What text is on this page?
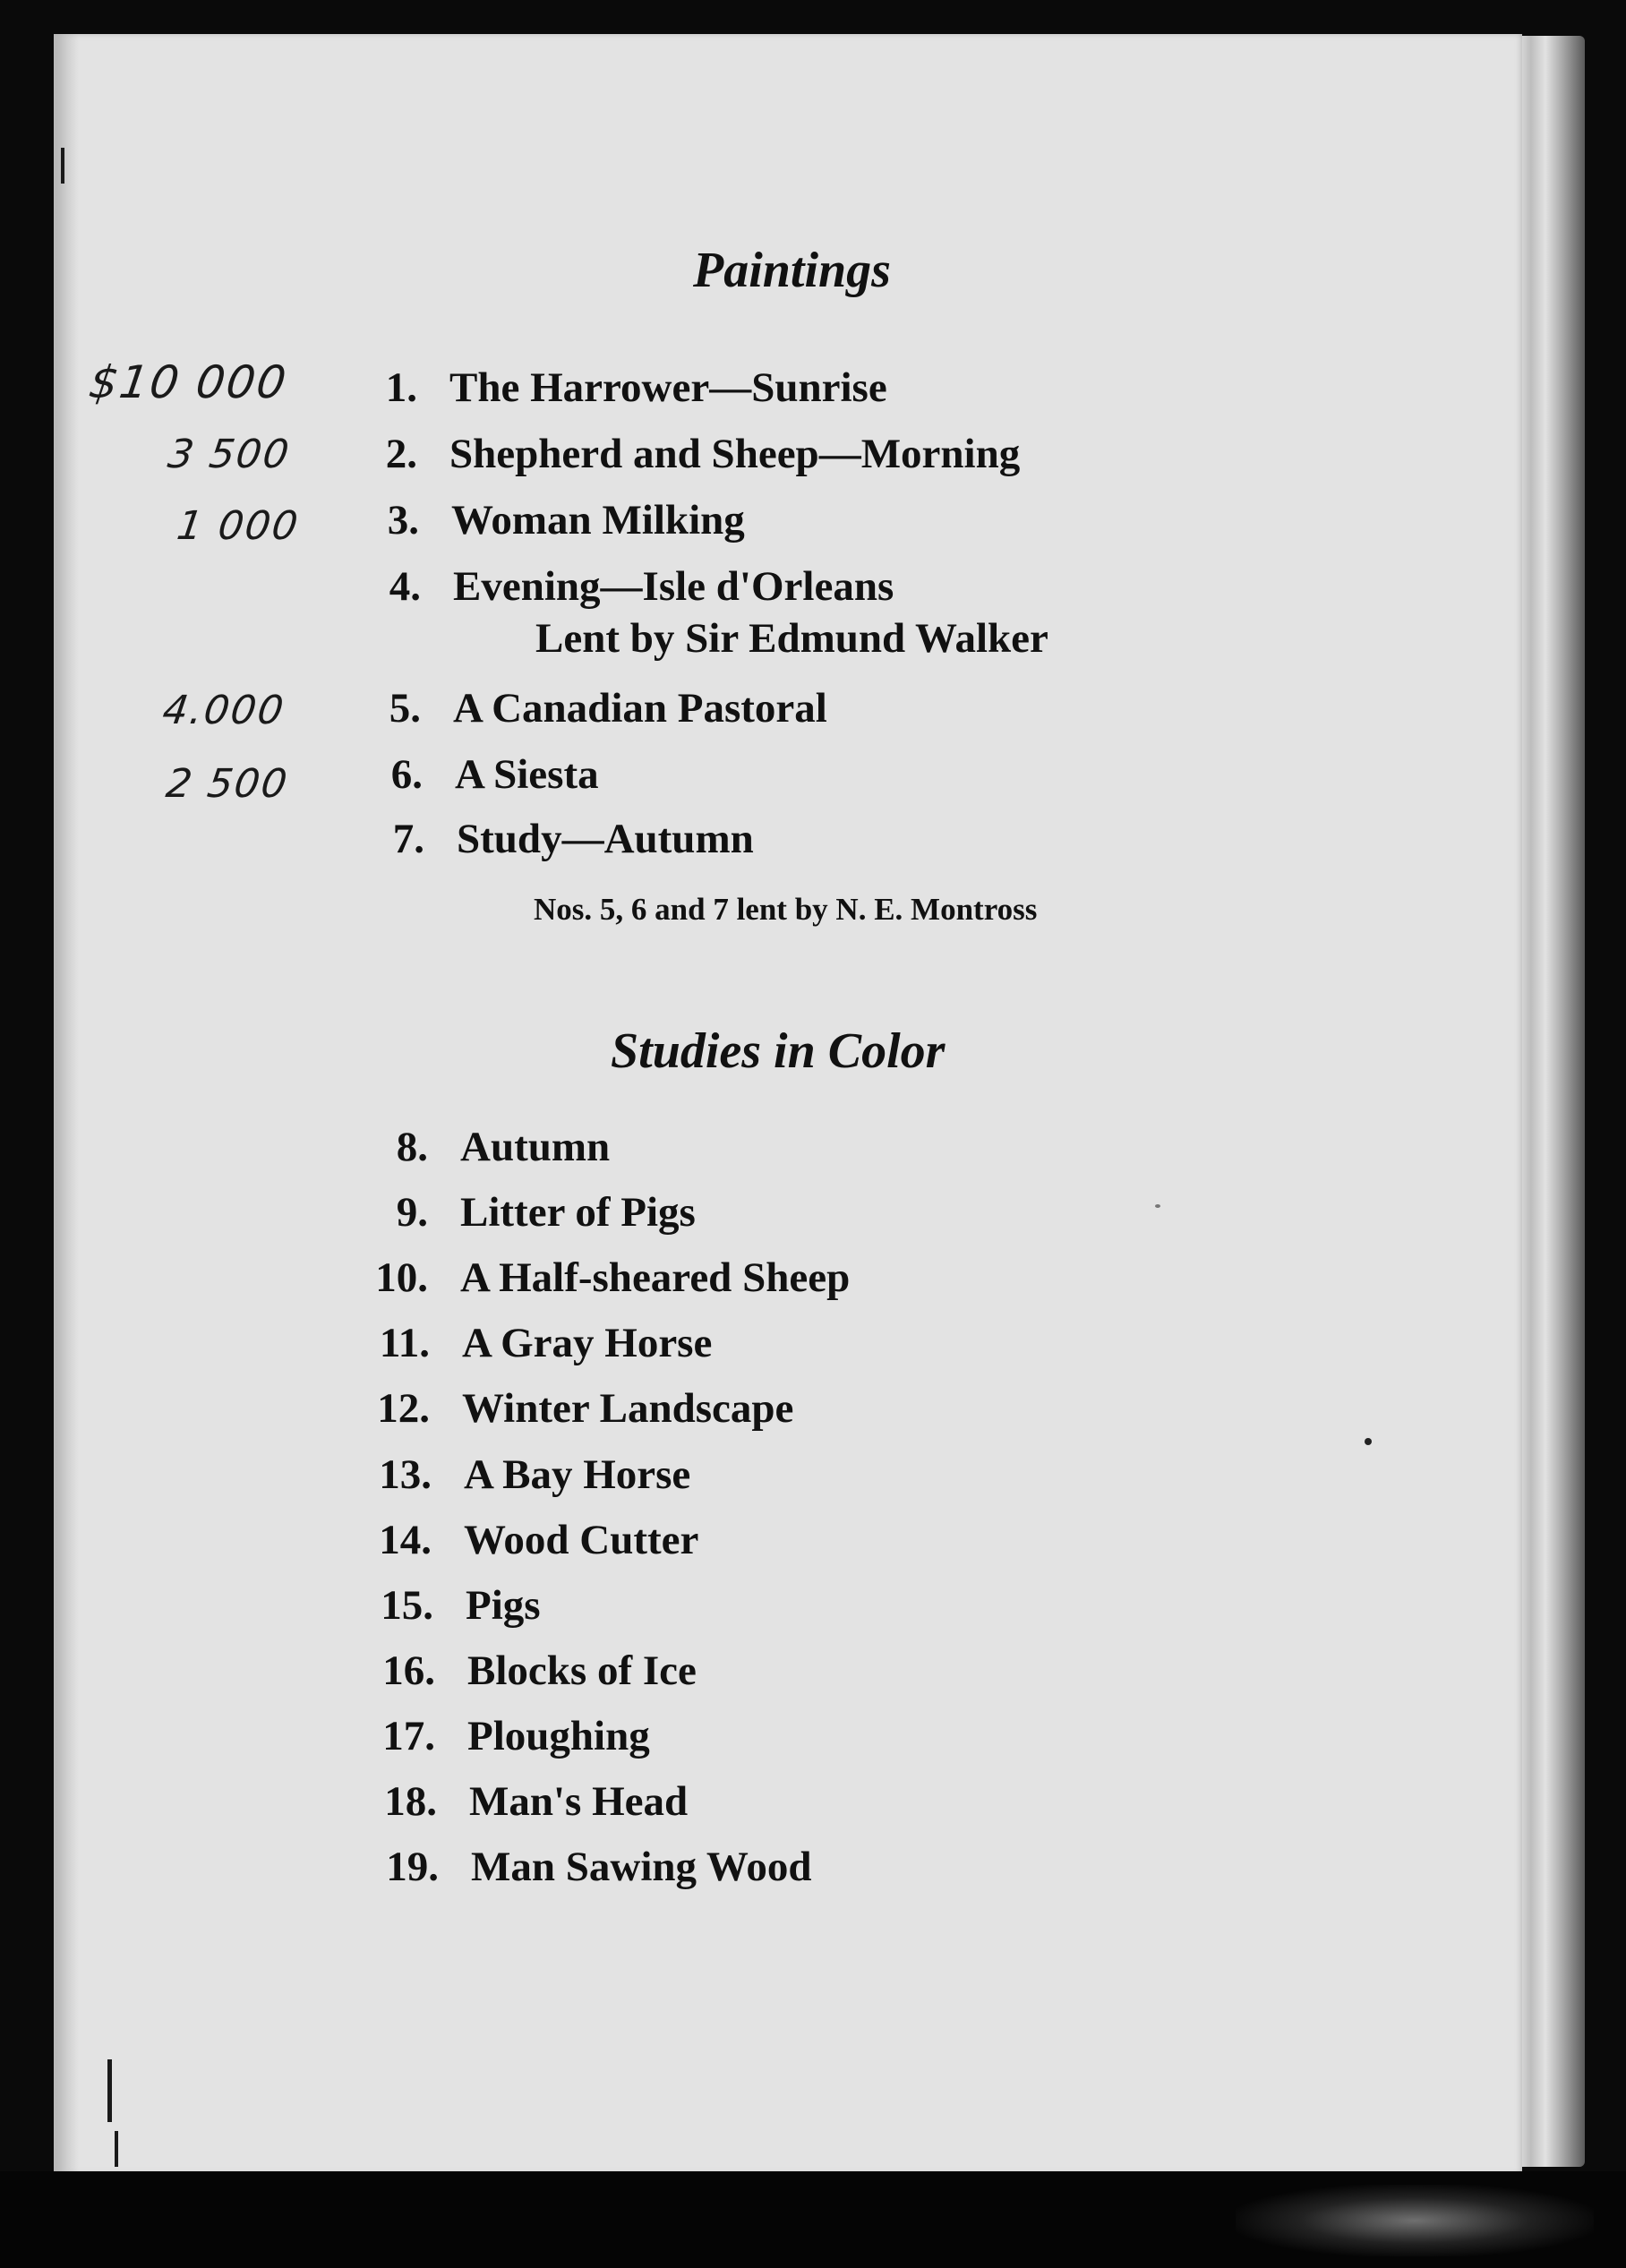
Paintings
$10 000
3 500
1 000
4.000
2 500
1. The Harrower—Sunrise
2. Shepherd and Sheep—Morning
3. Woman Milking
4. Evening—Isle d'Orleans
Lent by Sir Edmund Walker
5. A Canadian Pastoral
6. A Siesta
7. Study—Autumn
Nos. 5, 6 and 7 lent by N. E. Montross
Studies in Color
8. Autumn
9. Litter of Pigs
10. A Half-sheared Sheep
11. A Gray Horse
12. Winter Landscape
13. A Bay Horse
14. Wood Cutter
15. Pigs
16. Blocks of Ice
17. Ploughing
18. Man's Head
19. Man Sawing Wood
